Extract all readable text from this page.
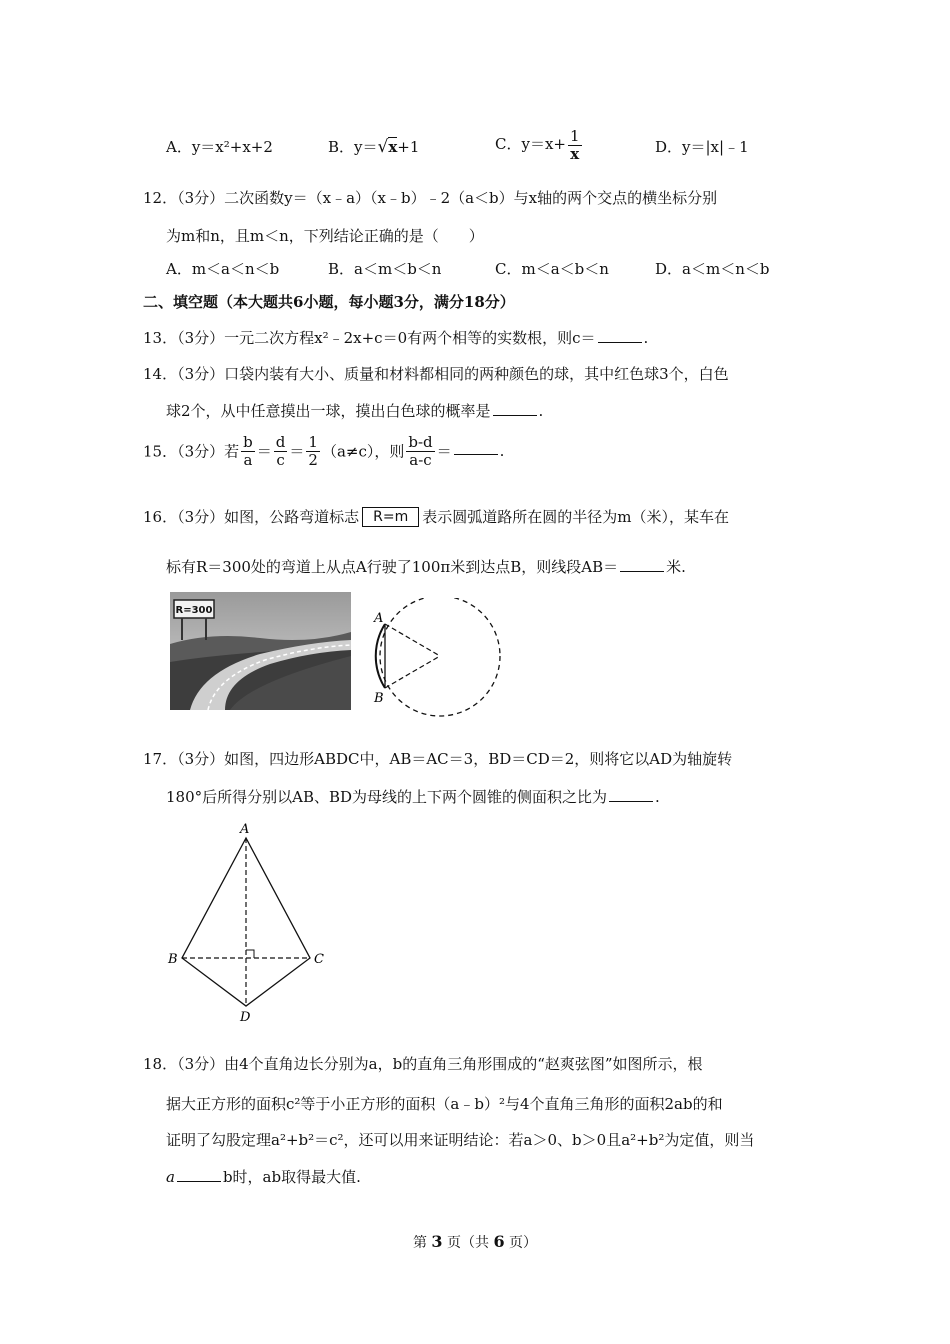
A．y＝x²+x+2	B．y＝√x+1	C．$y=x+ \frac{1}{x}$	D．y＝|x|﹣1
12．（3分）二次函数y＝（x﹣a）（x﹣b）﹣2（a＜b）与x轴的两个交点的横坐标分别
为m和n，且m＜n，下列结论正确的是（　　）
A．m＜a＜n＜b	B．a＜m＜b＜n	C．m＜a＜b＜n	D．a＜m＜n＜b
二、填空题（本大题共6小题，每小题3分，满分18分）
13．（3分）一元二次方程x²﹣2x+c＝0有两个相等的实数根，则c＝	.
14．（3分）口袋内装有大小、质量和材料都相同的两种颜色的球，其中红色球3个，白色
球2个，从中任意摸出一球，摸出白色球的概率是	.
15．（3分）若 $\frac{b}{a} = \frac{d}{c} = \frac{1}{2} (a\ne c)$，则 $\frac{b-d}{a-c}$ ＝	.
16．（3分）如图，公路弯道标志 R=m 表示圆弧道路所在圆的半径为m（米），某车在
标有R＝300处的弯道上从点A行驶了100π米到达点B，则线段AB＝	米.
R=300
A
B
17．（3分）如图，四边形ABDC中，AB＝AC＝3，BD＝CD＝2，则将它以AD为轴旋转
180°后所得分别以AB、BD为母线的上下两个圆锥的侧面积之比为	.
A
B	C
D
18．（3分）由4个直角边长分别为a，b的直角三角形围成的“赵爽弦图”如图所示，根
据大正方形的面积c²等于小正方形的面积（a﹣b）²与4个直角三角形的面积2ab的和
证明了勾股定理a²+b²＝c²，还可以用来证明结论：若a＞0、b＞0且a²+b²为定值，则当
a	b时，ab取得最大值.
第 3 页（共 6 页）
